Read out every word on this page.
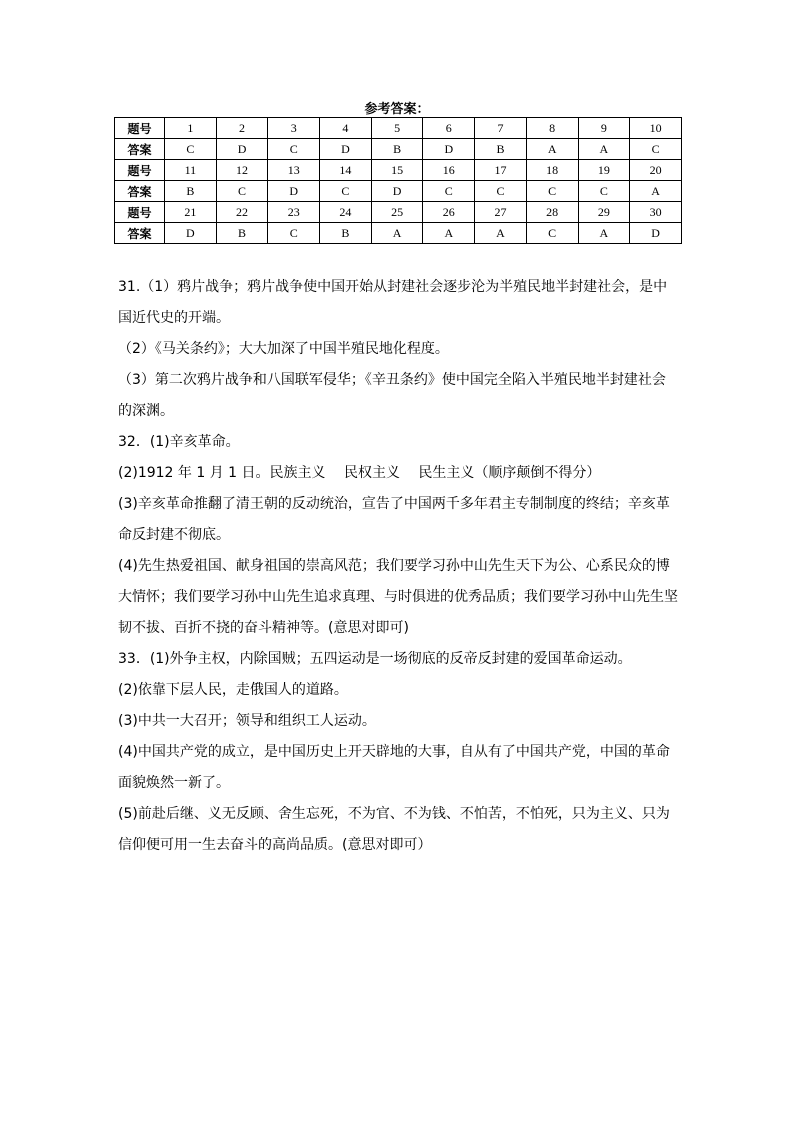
参考答案：
题号	1	2	3	4	5	6	7	8	9	10
答案	C	D	C	D	B	D	B	A	A	C
题号	11	12	13	14	15	16	17	18	19	20
答案	B	C	D	C	D	C	C	C	C	A
题号	21	22	23	24	25	26	27	28	29	30
答案	D	B	C	B	A	A	A	C	A	D

31.（1）鸦片战争；鸦片战争使中国开始从封建社会逐步沦为半殖民地半封建社会，是中国近代史的开端。

（2）《马关条约》；大大加深了中国半殖民地化程度。

（3）第二次鸦片战争和八国联军侵华；《辛丑条约》使中国完全陷入半殖民地半封建社会的深渊。

32．(1)辛亥革命。

(2)1912 年 1 月 1 日。民族主义　 民权主义　 民生主义（顺序颠倒不得分）

(3)辛亥革命推翻了清王朝的反动统治，宣告了中国两千多年君主专制制度的终结；辛亥革命反封建不彻底。

(4)先生热爱祖国、献身祖国的崇高风范；我们要学习孙中山先生天下为公、心系民众的博大情怀；我们要学习孙中山先生追求真理、与时俱进的优秀品质；我们要学习孙中山先生坚韧不拔、百折不挠的奋斗精神等。(意思对即可)

33．(1)外争主权，内除国贼；五四运动是一场彻底的反帝反封建的爱国革命运动。

(2)依靠下层人民，走俄国人的道路。

(3)中共一大召开；领导和组织工人运动。

(4)中国共产党的成立，是中国历史上开天辟地的大事，自从有了中国共产党，中国的革命面貌焕然一新了。

(5)前赴后继、义无反顾、舍生忘死，不为官、不为钱、不怕苦，不怕死，只为主义、只为信仰便可用一生去奋斗的高尚品质。(意思对即可）
